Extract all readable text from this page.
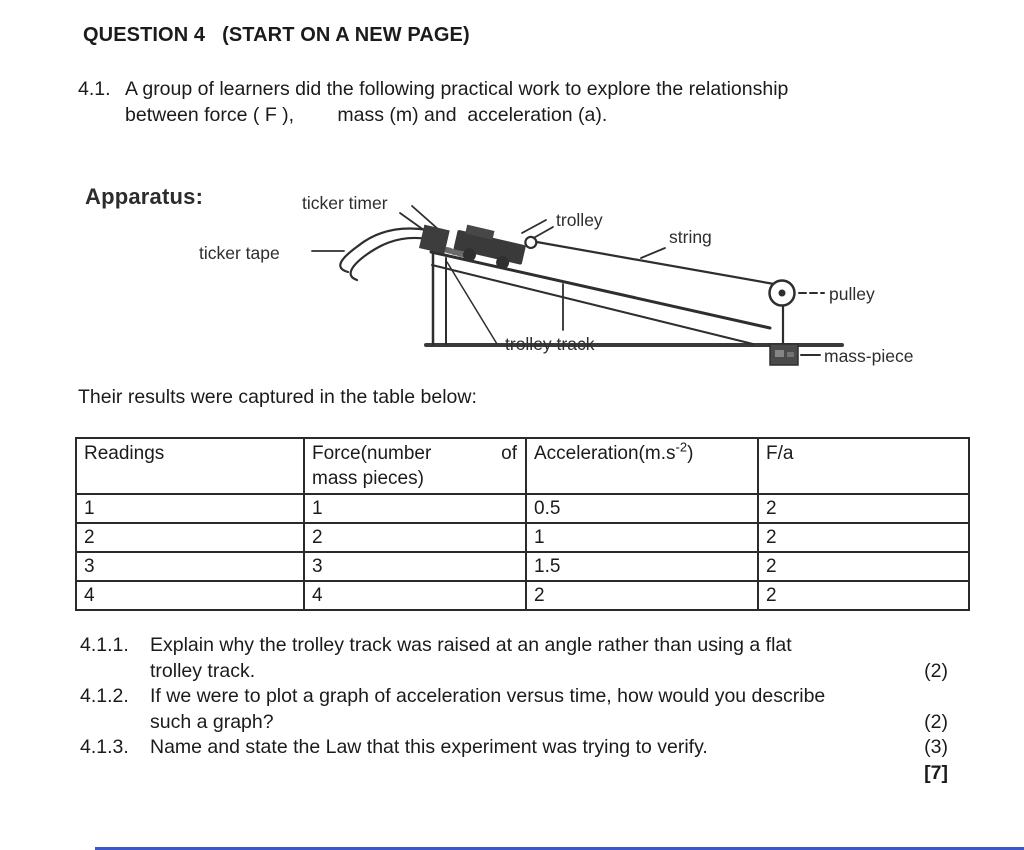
QUESTION 4   (START ON A NEW PAGE)
4.1. A group of learners did the following practical work to explore the relationship
between force ( F ),        mass (m) and  acceleration (a).
Apparatus:	ticker timer
ticker tape
trolley
string
pulley
trolley track
mass-piece
Their results were captured in the table below:
Readings	Force(number of
mass pieces)	$Acceleration(m.s^{-2})$	F/a
1	1	0.5	2
2	2	1	2
3	3	1.5	2
4	4	2	2
4.1.1.	Explain why the trolley track was raised at an angle rather than using a flat
trolley track.	(2)
4.1.2.	If we were to plot a graph of acceleration versus time, how would you describe
such a graph?	(2)
4.1.3.	Name and state the Law that this experiment was trying to verify.	(3)
[7]
